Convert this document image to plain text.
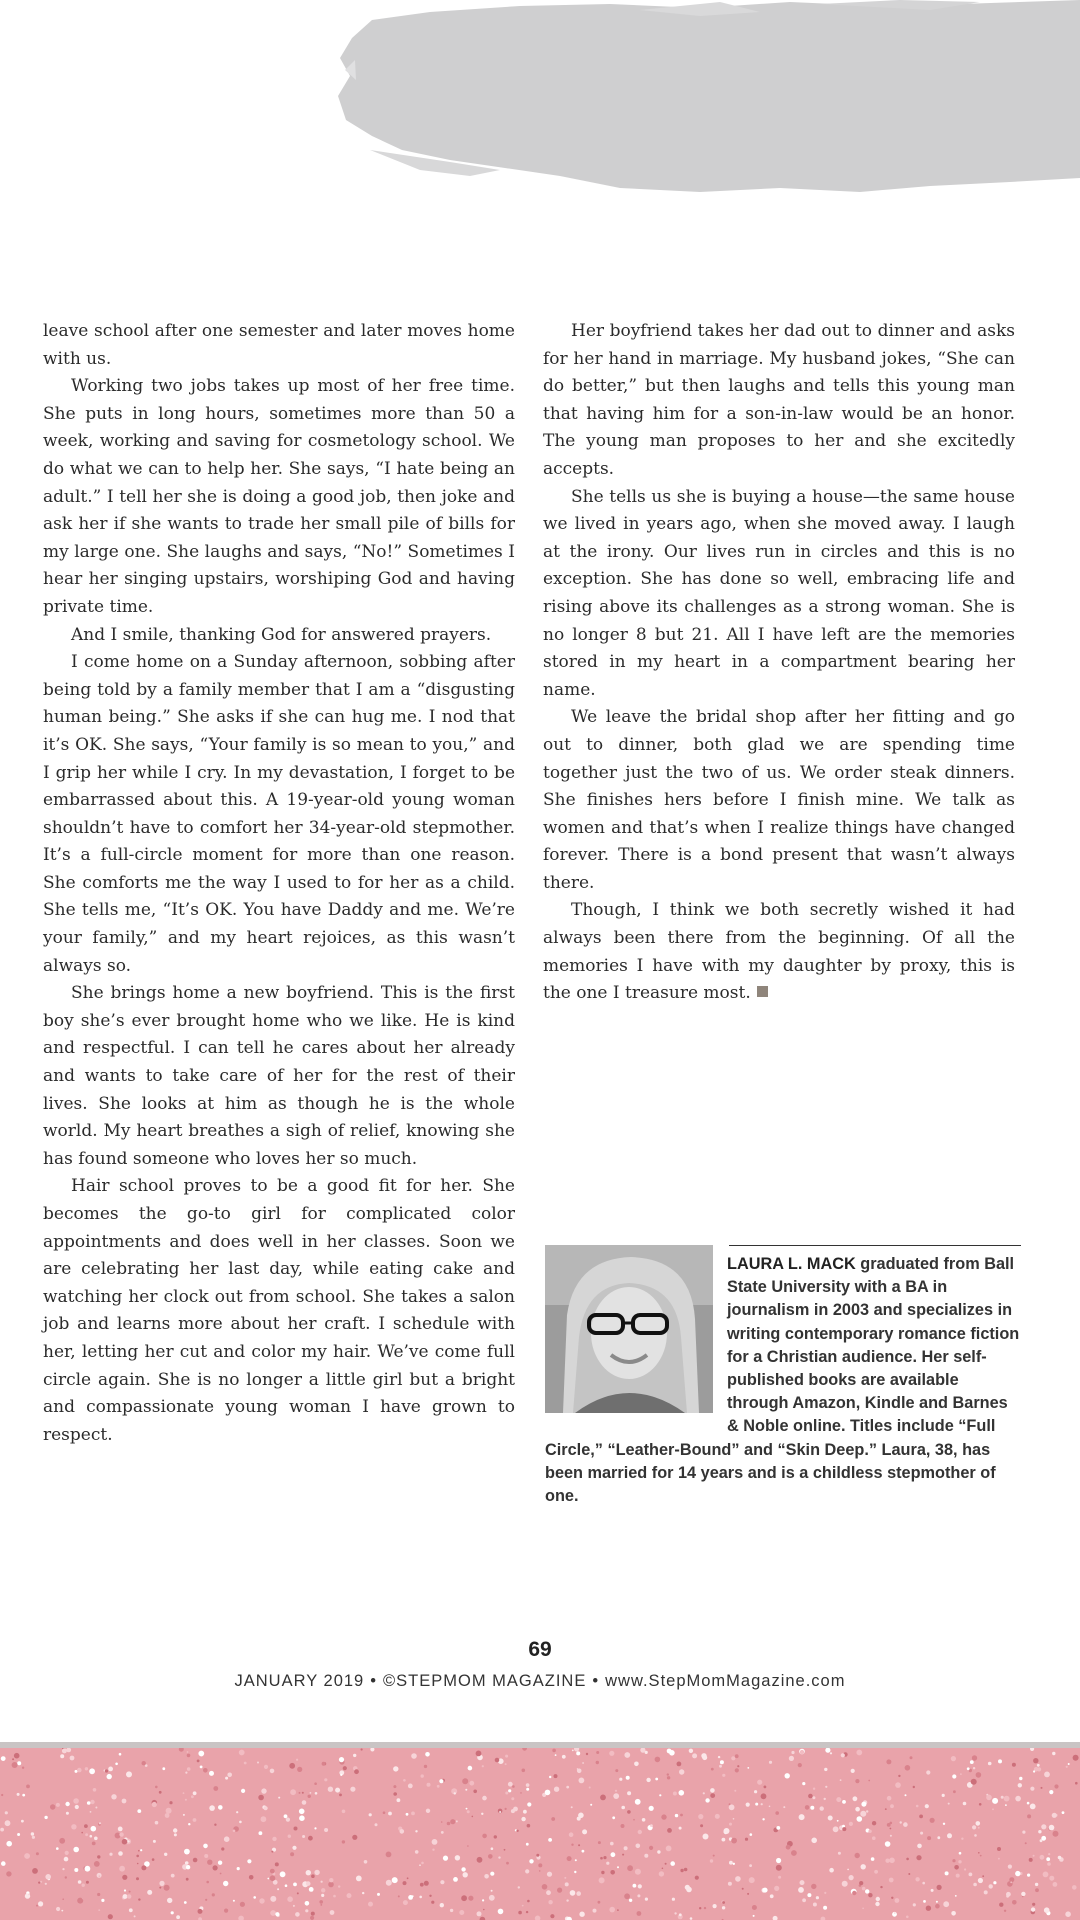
leave school after one semester and later moves home with us.

Working two jobs takes up most of her free time. She puts in long hours, sometimes more than 50 a week, working and saving for cosmetology school. We do what we can to help her. She says, “I hate being an adult.” I tell her she is doing a good job, then joke and ask her if she wants to trade her small pile of bills for my large one. She laughs and says, “No!” Sometimes I hear her singing upstairs, worshiping God and having private time.

And I smile, thanking God for answered prayers.

I come home on a Sunday afternoon, sobbing after being told by a family member that I am a “disgusting human being.” She asks if she can hug me. I nod that it’s OK. She says, “Your family is so mean to you,” and I grip her while I cry. In my devastation, I forget to be embarrassed about this. A 19-year-old young woman shouldn’t have to comfort her 34-year-old stepmother. It’s a full-circle moment for more than one reason. She comforts me the way I used to for her as a child. She tells me, “It’s OK. You have Daddy and me. We’re your family,” and my heart rejoices, as this wasn’t always so.

She brings home a new boyfriend. This is the first boy she’s ever brought home who we like. He is kind and respectful. I can tell he cares about her already and wants to take care of her for the rest of their lives. She looks at him as though he is the whole world. My heart breathes a sigh of relief, knowing she has found someone who loves her so much.

Hair school proves to be a good fit for her. She becomes the go-to girl for complicated color appointments and does well in her classes. Soon we are celebrating her last day, while eating cake and watching her clock out from school. She takes a salon job and learns more about her craft. I schedule with her, letting her cut and color my hair. We’ve come full circle again. She is no longer a little girl but a bright and compassionate young woman I have grown to respect.

Her boyfriend takes her dad out to dinner and asks for her hand in marriage. My husband jokes, “She can do better,” but then laughs and tells this young man that having him for a son-in-law would be an honor. The young man proposes to her and she excitedly accepts.

She tells us she is buying a house—the same house we lived in years ago, when she moved away. I laugh at the irony. Our lives run in circles and this is no exception. She has done so well, embracing life and rising above its challenges as a strong woman. She is no longer 8 but 21. All I have left are the memories stored in my heart in a compartment bearing her name.

We leave the bridal shop after her fitting and go out to dinner, both glad we are spending time together just the two of us. We order steak dinners. She finishes hers before I finish mine. We talk as women and that’s when I realize things have changed forever. There is a bond present that wasn’t always there.

Though, I think we both secretly wished it had always been there from the beginning. Of all the memories I have with my daughter by proxy, this is the one I treasure most.

LAURA L. MACK graduated from Ball State University with a BA in journalism in 2003 and specializes in writing contemporary romance fiction for a Christian audience. Her self-published books are available through Amazon, Kindle and Barnes & Noble online. Titles include “Full Circle,” “Leather-Bound” and “Skin Deep.” Laura, 38, has been married for 14 years and is a childless stepmother of one.
69
JANUARY 2019 • ©STEPMOM MAGAZINE • www.StepMomMagazine.com
